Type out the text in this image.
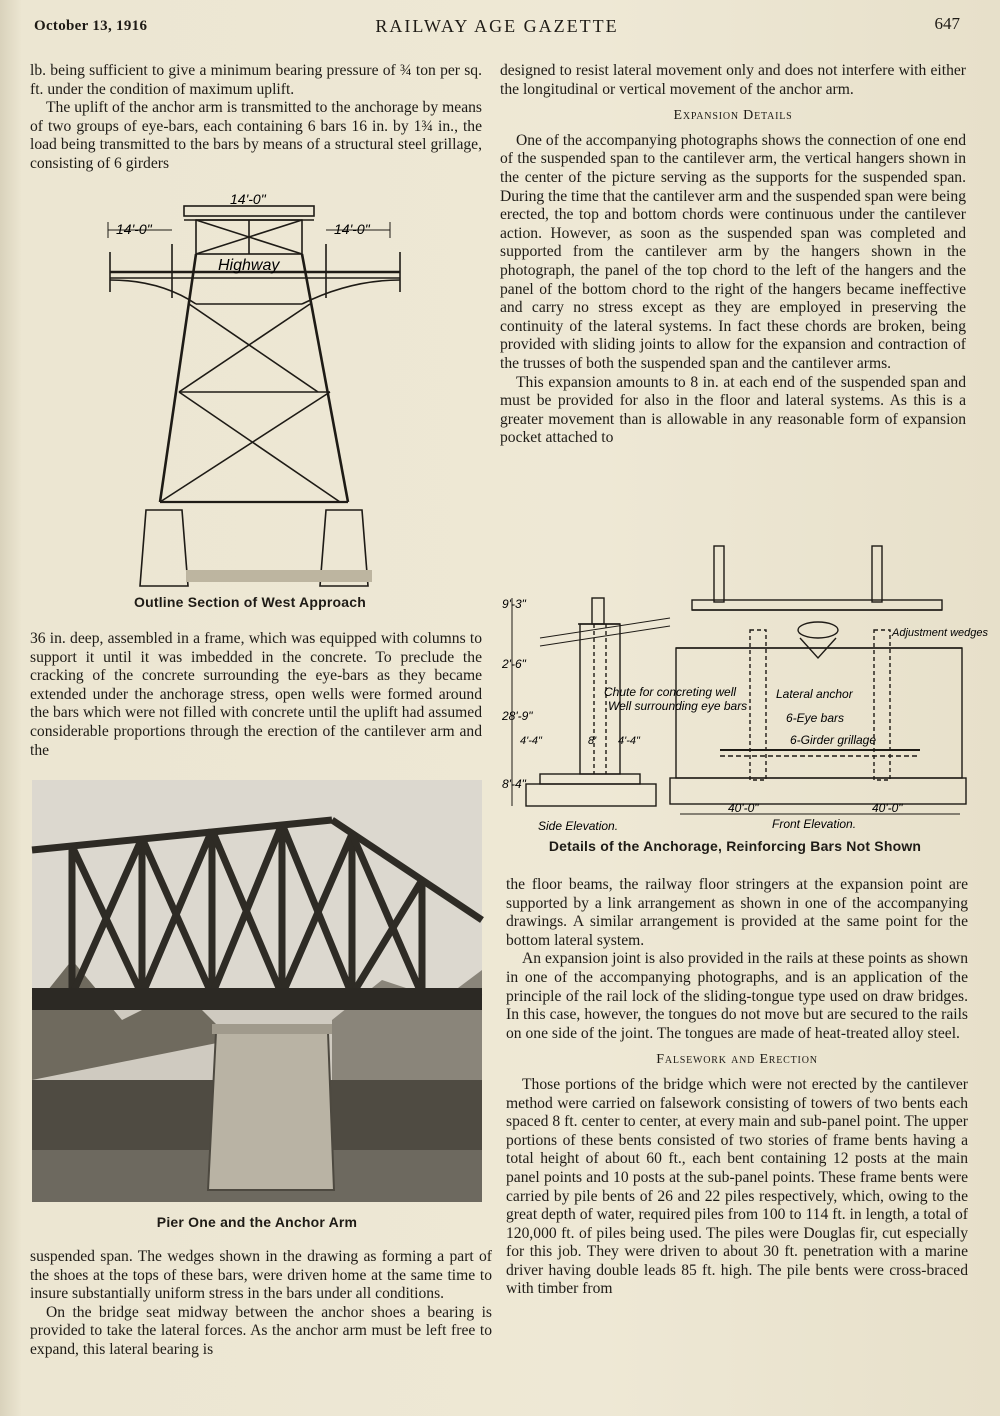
October 13, 1916	RAILWAY AGE GAZETTE	647

lb. being sufficient to give a minimum bearing pressure of ¾ ton per sq. ft. under the condition of maximum uplift.

The uplift of the anchor arm is transmitted to the anchorage by means of two groups of eye-bars, each containing 6 bars 16 in. by 1¾ in., the load being transmitted to the bars by means of a structural steel grillage, consisting of 6 girders

14'-0"
14'-0"	14'-0"
Highway
Outline Section of West Approach

36 in. deep, assembled in a frame, which was equipped with columns to support it until it was imbedded in the concrete. To preclude the cracking of the concrete surrounding the eye-bars as they became extended under the anchorage stress, open wells were formed around the bars which were not filled with concrete until the uplift had assumed considerable proportions through the erection of the cantilever arm and the

Pier One and the Anchor Arm

suspended span. The wedges shown in the drawing as forming a part of the shoes at the tops of these bars, were driven home at the same time to insure substantially uniform stress in the bars under all conditions.

On the bridge seat midway between the anchor shoes a bearing is provided to take the lateral forces. As the anchor arm must be left free to expand, this lateral bearing is

designed to resist lateral movement only and does not interfere with either the longitudinal or vertical movement of the anchor arm.

Expansion Details

One of the accompanying photographs shows the connection of one end of the suspended span to the cantilever arm, the vertical hangers shown in the center of the picture serving as the supports for the suspended span. During the time that the cantilever arm and the suspended span were being erected, the top and bottom chords were continuous under the cantilever action. However, as soon as the suspended span was completed and supported from the cantilever arm by the hangers shown in the photograph, the panel of the top chord to the left of the hangers and the panel of the bottom chord to the right of the hangers became ineffective and carry no stress except as they are employed in preserving the continuity of the lateral systems. In fact these chords are broken, being provided with sliding joints to allow for the expansion and contraction of the trusses of both the suspended span and the cantilever arms.

This expansion amounts to 8 in. at each end of the suspended span and must be provided for also in the floor and lateral systems. As this is a greater movement than is allowable in any reasonable form of expansion pocket attached to

9'-3"
2'-6"
28'-9"
8'-4"
4'-4"	4'-4"
8'
Chute for concreting well
Well surrounding eye bars
Lateral anchor
6-Eye bars
6-Girder grillage
Adjustment wedges
40'-0"	40'-0"
Side Elevation.	Front Elevation.
Details of the Anchorage, Reinforcing Bars Not Shown

the floor beams, the railway floor stringers at the expansion point are supported by a link arrangement as shown in one of the accompanying drawings. A similar arrangement is provided at the same point for the bottom lateral system.

An expansion joint is also provided in the rails at these points as shown in one of the accompanying photographs, and is an application of the principle of the rail lock of the sliding-tongue type used on draw bridges. In this case, however, the tongues do not move but are secured to the rails on one side of the joint. The tongues are made of heat-treated alloy steel.

Falsework and Erection

Those portions of the bridge which were not erected by the cantilever method were carried on falsework consisting of towers of two bents each spaced 8 ft. center to center, at every main and sub-panel point. The upper portions of these bents consisted of two stories of frame bents having a total height of about 60 ft., each bent containing 12 posts at the main panel points and 10 posts at the sub-panel points. These frame bents were carried by pile bents of 26 and 22 piles respectively, which, owing to the great depth of water, required piles from 100 to 114 ft. in length, a total of 120,000 ft. of piles being used. The piles were Douglas fir, cut especially for this job. They were driven to about 30 ft. penetration with a marine driver having double leads 85 ft. high. The pile bents were cross-braced with timber from
